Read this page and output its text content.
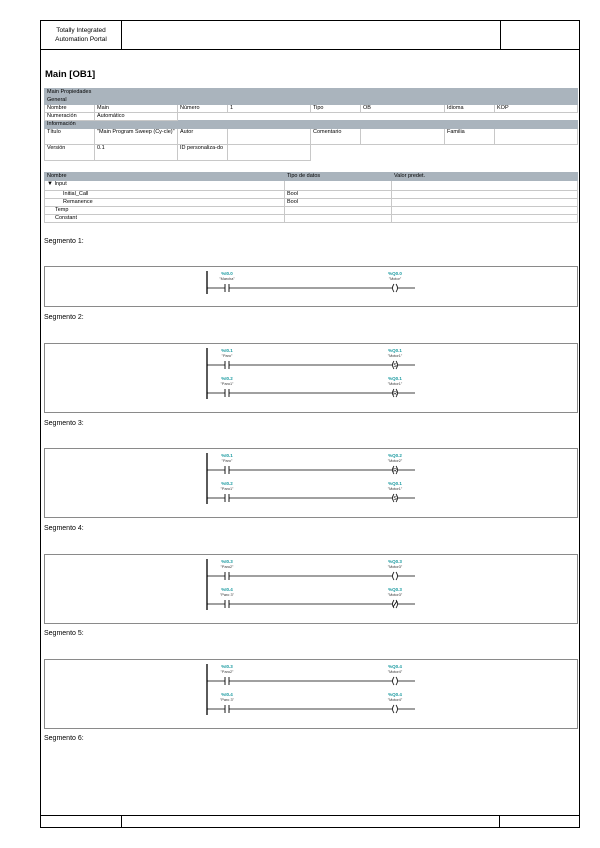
Totally Integrated Automation Portal
Main [OB1]
Main Propiedades							
General							
Nombre	Main	Número	1	Tipo	OB	Idioma	KOP
Numeración	Automático						
Información							
Título	"Main Program Sweep (Cy-cle)"	Autor		Comentario		Familia	
Versión	0.1	ID personaliza-do					
Nombre	Tipo de datos	Valor predet.
▼ Input		
Initial_Call	Bool	
Remanence	Bool	
Temp		
Constant		
Segmento 1:
Segmento 2:
Segmento 3:
Segmento 4:
Segmento 5:
Segmento 6:
%I0.0
"Marcha"
%Q0.0
"Motor"
S
%I0.1
"Paro"
%Q0.1
"Motor1"
R
%I0.2
"Paro1"
%Q0.1
"Motor1"
R
%I0.1
"Paro"
%Q0.2
"Motor2"
S
%I0.2
"Paro1"
%Q0.1
"Motor1"
%I0.3
"Paro2"
%Q0.3
"Motor3"
%I0.4
"Paro 3"
%Q0.3
"Motor3"
%I0.3
"Paro2"
%Q0.4
"Motor4"
%I0.4
"Paro 3"
%Q0.4
"Motor4"
